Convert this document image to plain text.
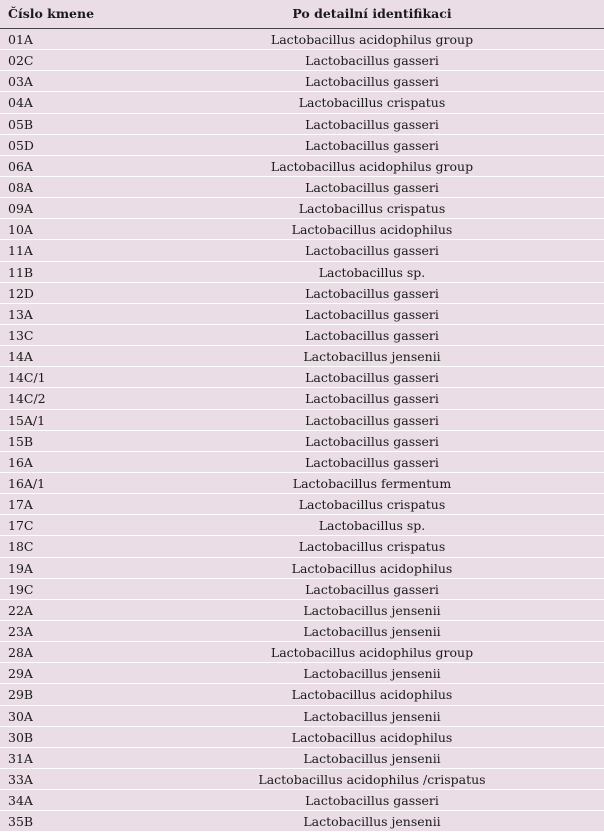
Číslo kmene	Po detailní identifikaci
01A	Lactobacillus acidophilus group
02C	Lactobacillus gasseri
03A	Lactobacillus gasseri
04A	Lactobacillus crispatus
05B	Lactobacillus gasseri
05D	Lactobacillus gasseri
06A	Lactobacillus acidophilus group
08A	Lactobacillus gasseri
09A	Lactobacillus crispatus
10A	Lactobacillus acidophilus
11A	Lactobacillus gasseri
11B	Lactobacillus sp.
12D	Lactobacillus gasseri
13A	Lactobacillus gasseri
13C	Lactobacillus gasseri
14A	Lactobacillus jensenii
14C/1	Lactobacillus gasseri
14C/2	Lactobacillus gasseri
15A/1	Lactobacillus gasseri
15B	Lactobacillus gasseri
16A	Lactobacillus gasseri
16A/1	Lactobacillus fermentum
17A	Lactobacillus crispatus
17C	Lactobacillus sp.
18C	Lactobacillus crispatus
19A	Lactobacillus acidophilus
19C	Lactobacillus gasseri
22A	Lactobacillus jensenii
23A	Lactobacillus jensenii
28A	Lactobacillus acidophilus group
29A	Lactobacillus jensenii
29B	Lactobacillus acidophilus
30A	Lactobacillus jensenii
30B	Lactobacillus acidophilus
31A	Lactobacillus jensenii
33A	Lactobacillus acidophilus /crispatus
34A	Lactobacillus gasseri
35B	Lactobacillus jensenii
